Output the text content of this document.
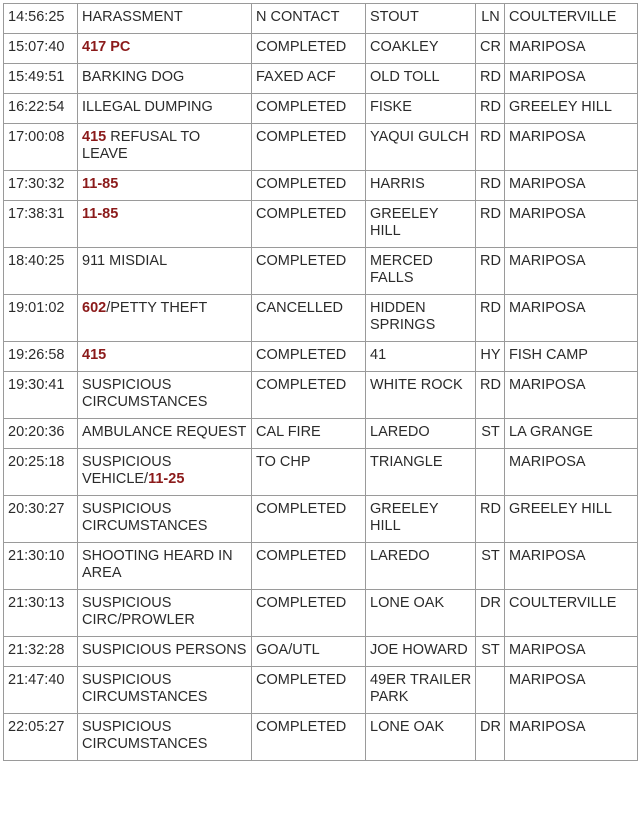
14:56:25	HARASSMENT	N CONTACT	STOUT	LN	COULTERVILLE
15:07:40	417 PC	COMPLETED	COAKLEY	CR	MARIPOSA
15:49:51	BARKING DOG	FAXED ACF	OLD TOLL	RD	MARIPOSA
16:22:54	ILLEGAL DUMPING	COMPLETED	FISKE	RD	GREELEY HILL
17:00:08	415 REFUSAL TO LEAVE	COMPLETED	YAQUI GULCH	RD	MARIPOSA
17:30:32	11-85	COMPLETED	HARRIS	RD	MARIPOSA
17:38:31	11-85	COMPLETED	GREELEY HILL	RD	MARIPOSA
18:40:25	911 MISDIAL	COMPLETED	MERCED FALLS	RD	MARIPOSA
19:01:02	602/PETTY THEFT	CANCELLED	HIDDEN SPRINGS	RD	MARIPOSA
19:26:58	415	COMPLETED	41	HY	FISH CAMP
19:30:41	SUSPICIOUS CIRCUMSTANCES	COMPLETED	WHITE ROCK	RD	MARIPOSA
20:20:36	AMBULANCE REQUEST	CAL FIRE	LAREDO	ST	LA GRANGE
20:25:18	SUSPICIOUS VEHICLE/11-25	TO CHP	TRIANGLE		MARIPOSA
20:30:27	SUSPICIOUS CIRCUMSTANCES	COMPLETED	GREELEY HILL	RD	GREELEY HILL
21:30:10	SHOOTING HEARD IN AREA	COMPLETED	LAREDO	ST	MARIPOSA
21:30:13	SUSPICIOUS CIRC/PROWLER	COMPLETED	LONE OAK	DR	COULTERVILLE
21:32:28	SUSPICIOUS PERSONS	GOA/UTL	JOE HOWARD	ST	MARIPOSA
21:47:40	SUSPICIOUS CIRCUMSTANCES	COMPLETED	49ER TRAILER PARK		MARIPOSA
22:05:27	SUSPICIOUS CIRCUMSTANCES	COMPLETED	LONE OAK	DR	MARIPOSA
